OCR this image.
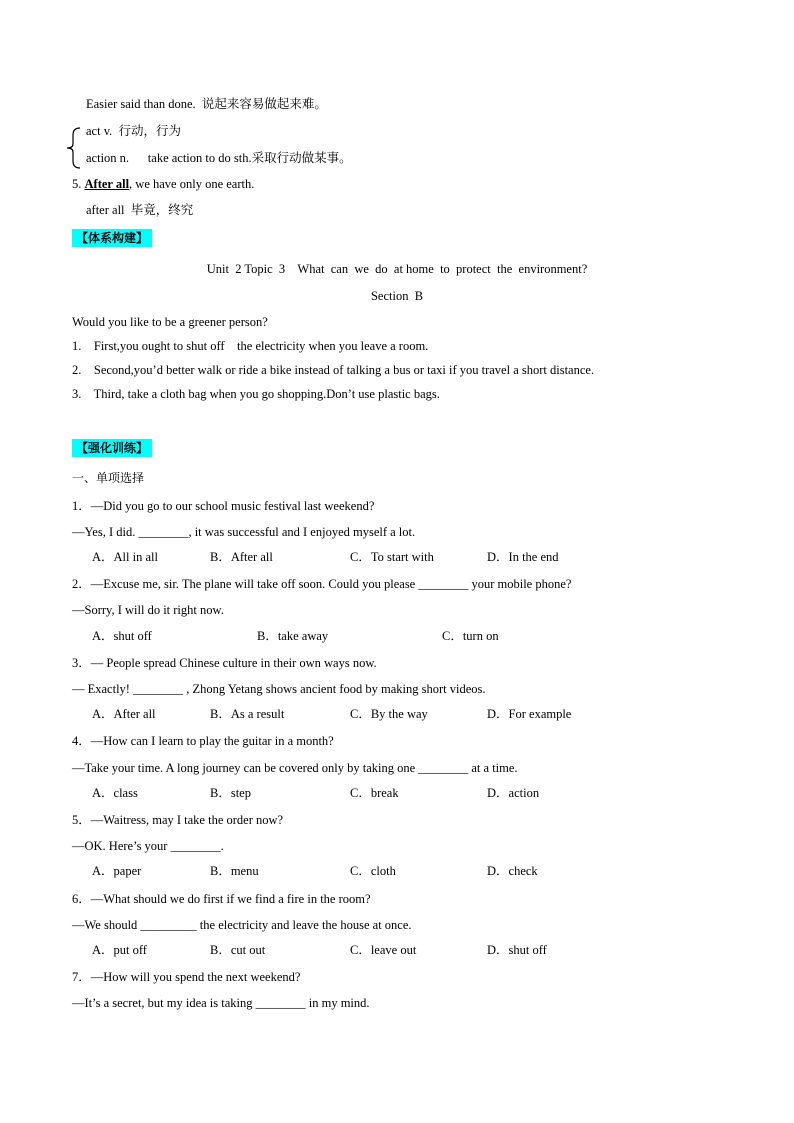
Easier said than done.  说起来容易做起来难。
act v.  行动，行为
action n.      take action to do sth.采取行动做某事。
5. After all, we have only one earth.
after all  毕竟，终究
【体系构建】
Unit  2 Topic  3    What  can  we  do  at home  to  protect  the  environment?
Section  B
Would you like to be a greener person?
1.    First,you ought to shut off    the electricity when you leave a room.
2.    Second,you’d better walk or ride a bike instead of talking a bus or taxi if you travel a short distance.
3.    Third, take a cloth bag when you go shopping.Don’t use plastic bags.
【强化训练】
一、单项选择
1．—Did you go to our school music festival last weekend?
—Yes, I did. ________, it was successful and I enjoyed myself a lot.
A．All in all	B．After all	C．To start with	D．In the end
2．—Excuse me, sir. The plane will take off soon. Could you please ________ your mobile phone?
—Sorry, I will do it right now.
A．shut off	B．take away	C．turn on
3．— People spread Chinese culture in their own ways now.
— Exactly! ________ , Zhong Yetang shows ancient food by making short videos.
A．After all	B．As a result	C．By the way	D．For example
4．—How can I learn to play the guitar in a month?
—Take your time. A long journey can be covered only by taking one ________ at a time.
A．class	B．step	C．break	D．action
5．—Waitress, may I take the order now?
—OK. Here’s your ________.
A．paper	B．menu	C．cloth	D．check
6．—What should we do first if we find a fire in the room?
—We should _________ the electricity and leave the house at once.
A．put off	B．cut out	C．leave out	D．shut off
7．—How will you spend the next weekend?
—It’s a secret, but my idea is taking ________ in my mind.
